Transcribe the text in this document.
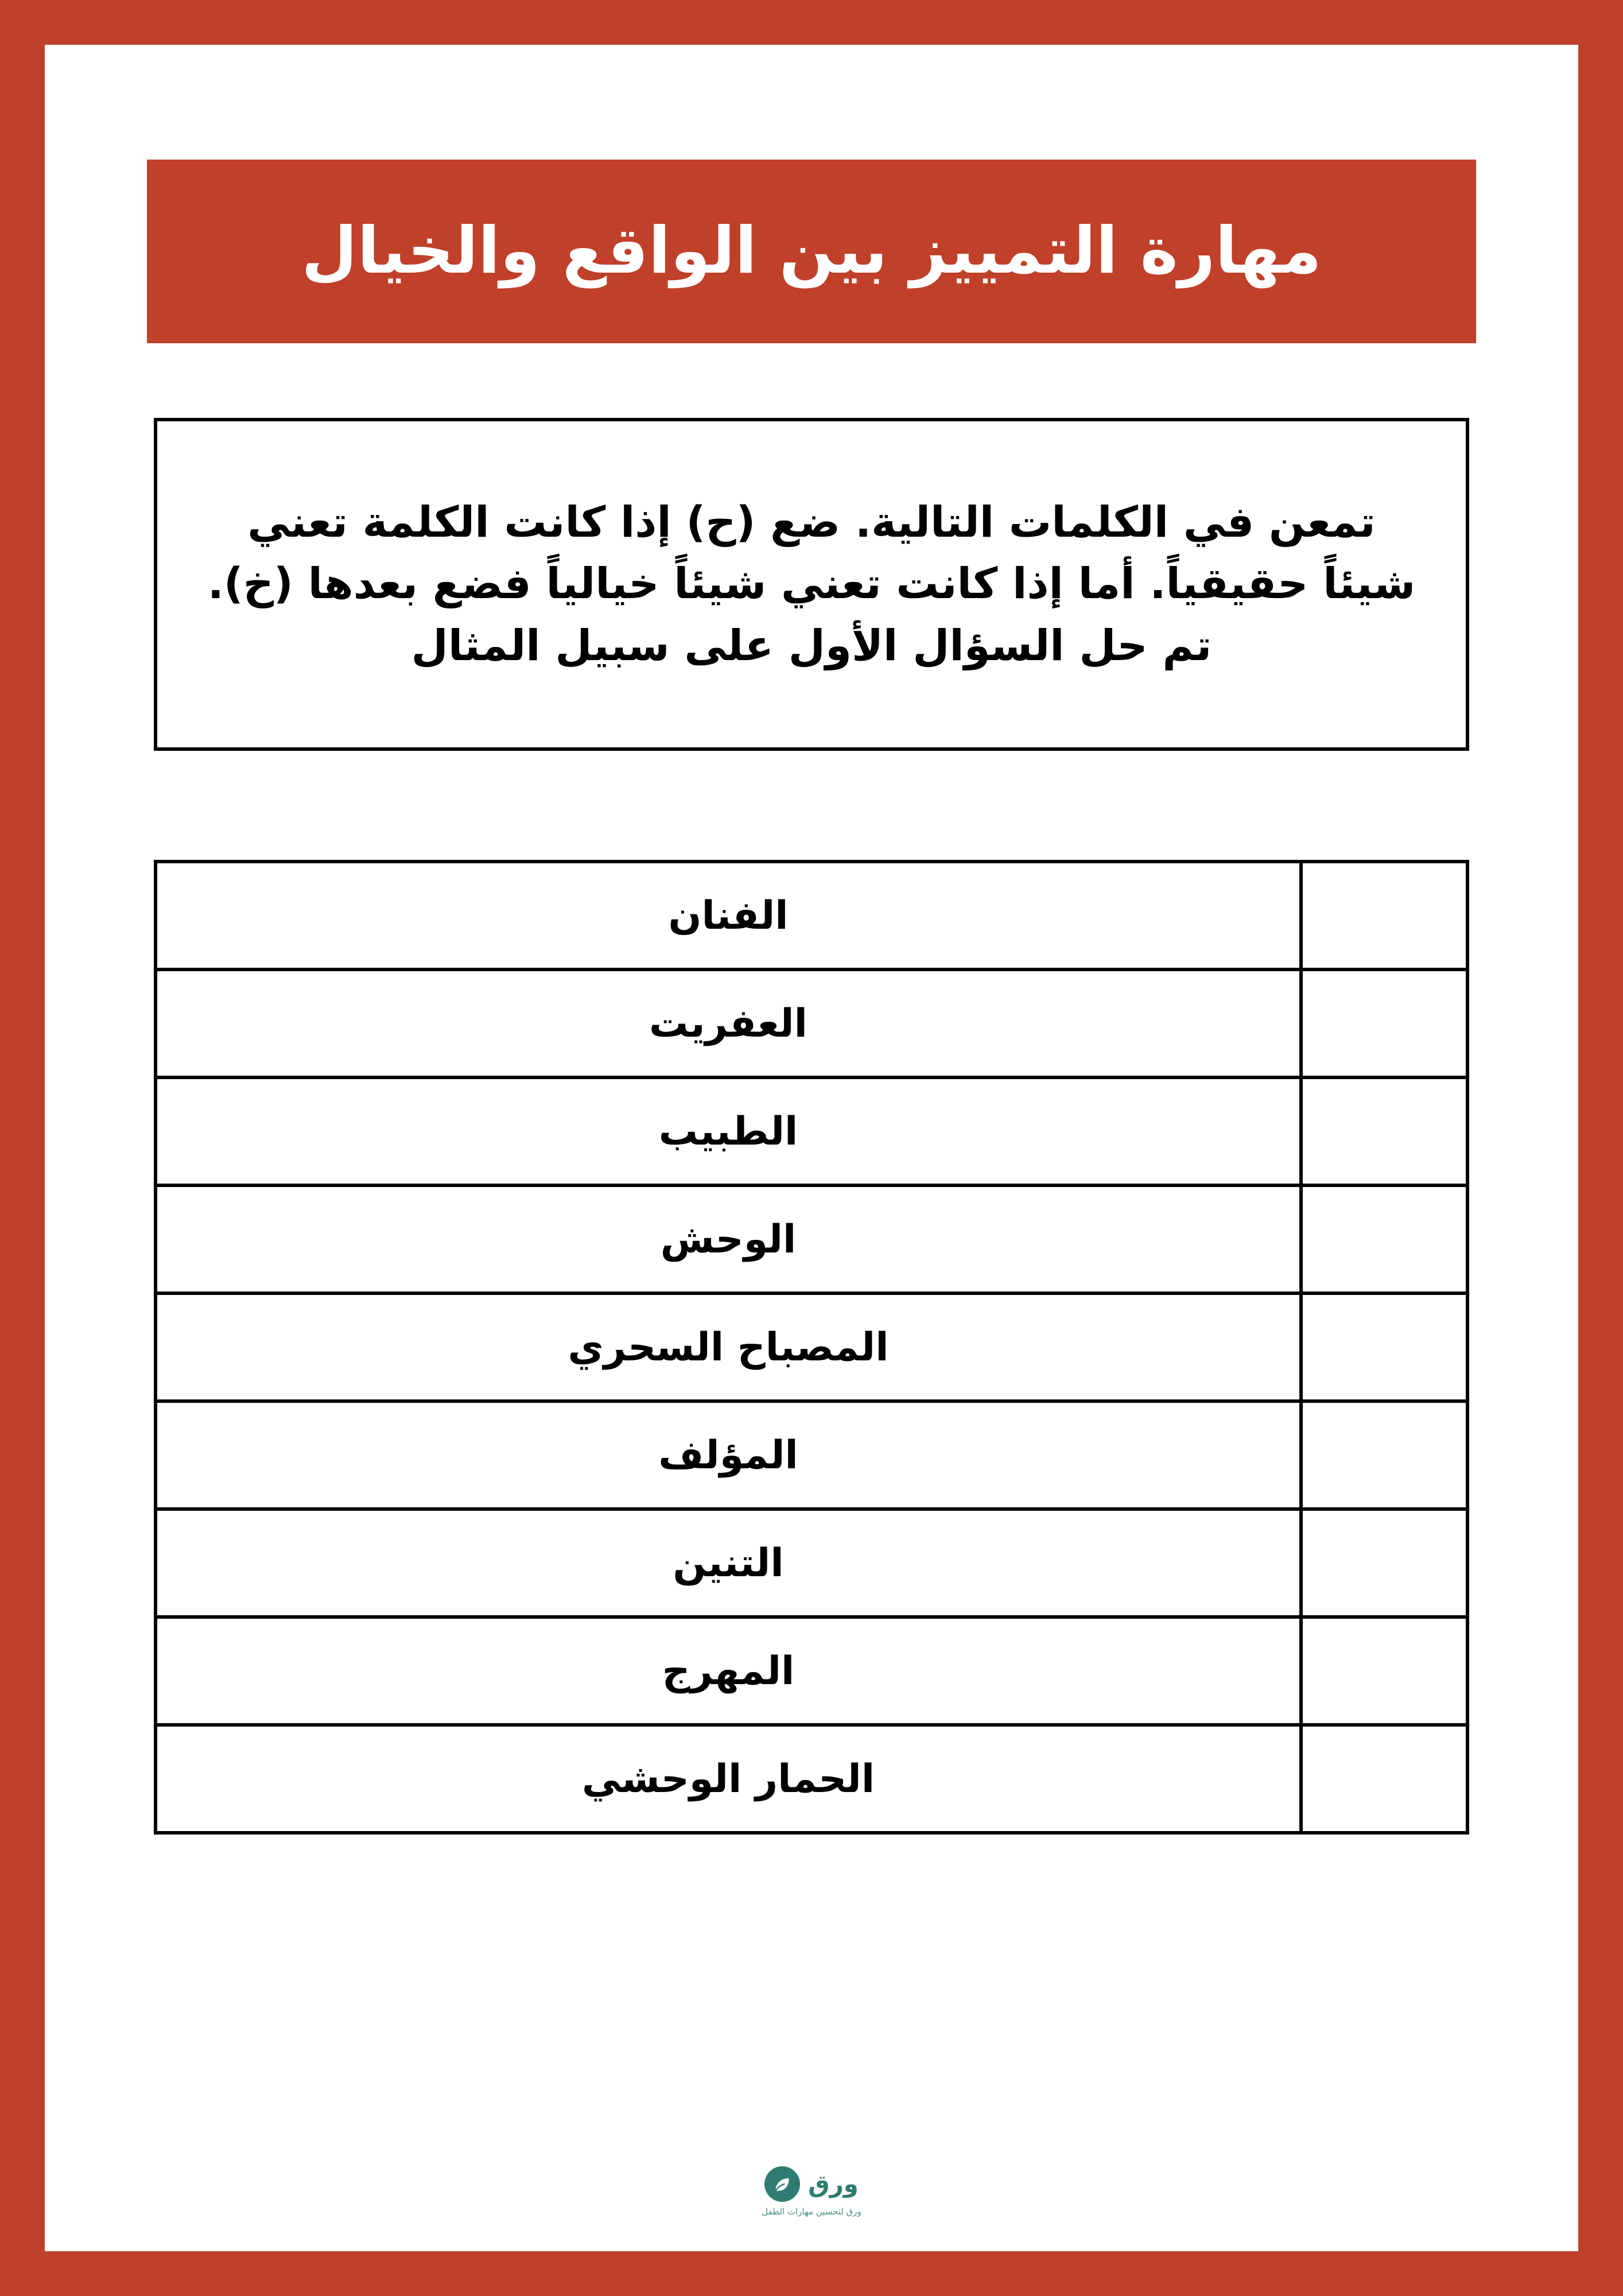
مهارة التمييز بين الواقع والخيال
تمعن في الكلمات التالية. ضع (ح) إذا كانت الكلمة تعني شيئاً حقيقياً. أما إذا كانت تعني شيئاً خيالياً فضع بعدها (خ). تم حل السؤال الأول على سبيل المثال
	الفنان
	العفريت
	الطبيب
	الوحش
	المصباح السحري
	المؤلف
	التنين
	المهرج
	الحمار الوحشي
ورق
ورق لتحسين مهارات الطفل
